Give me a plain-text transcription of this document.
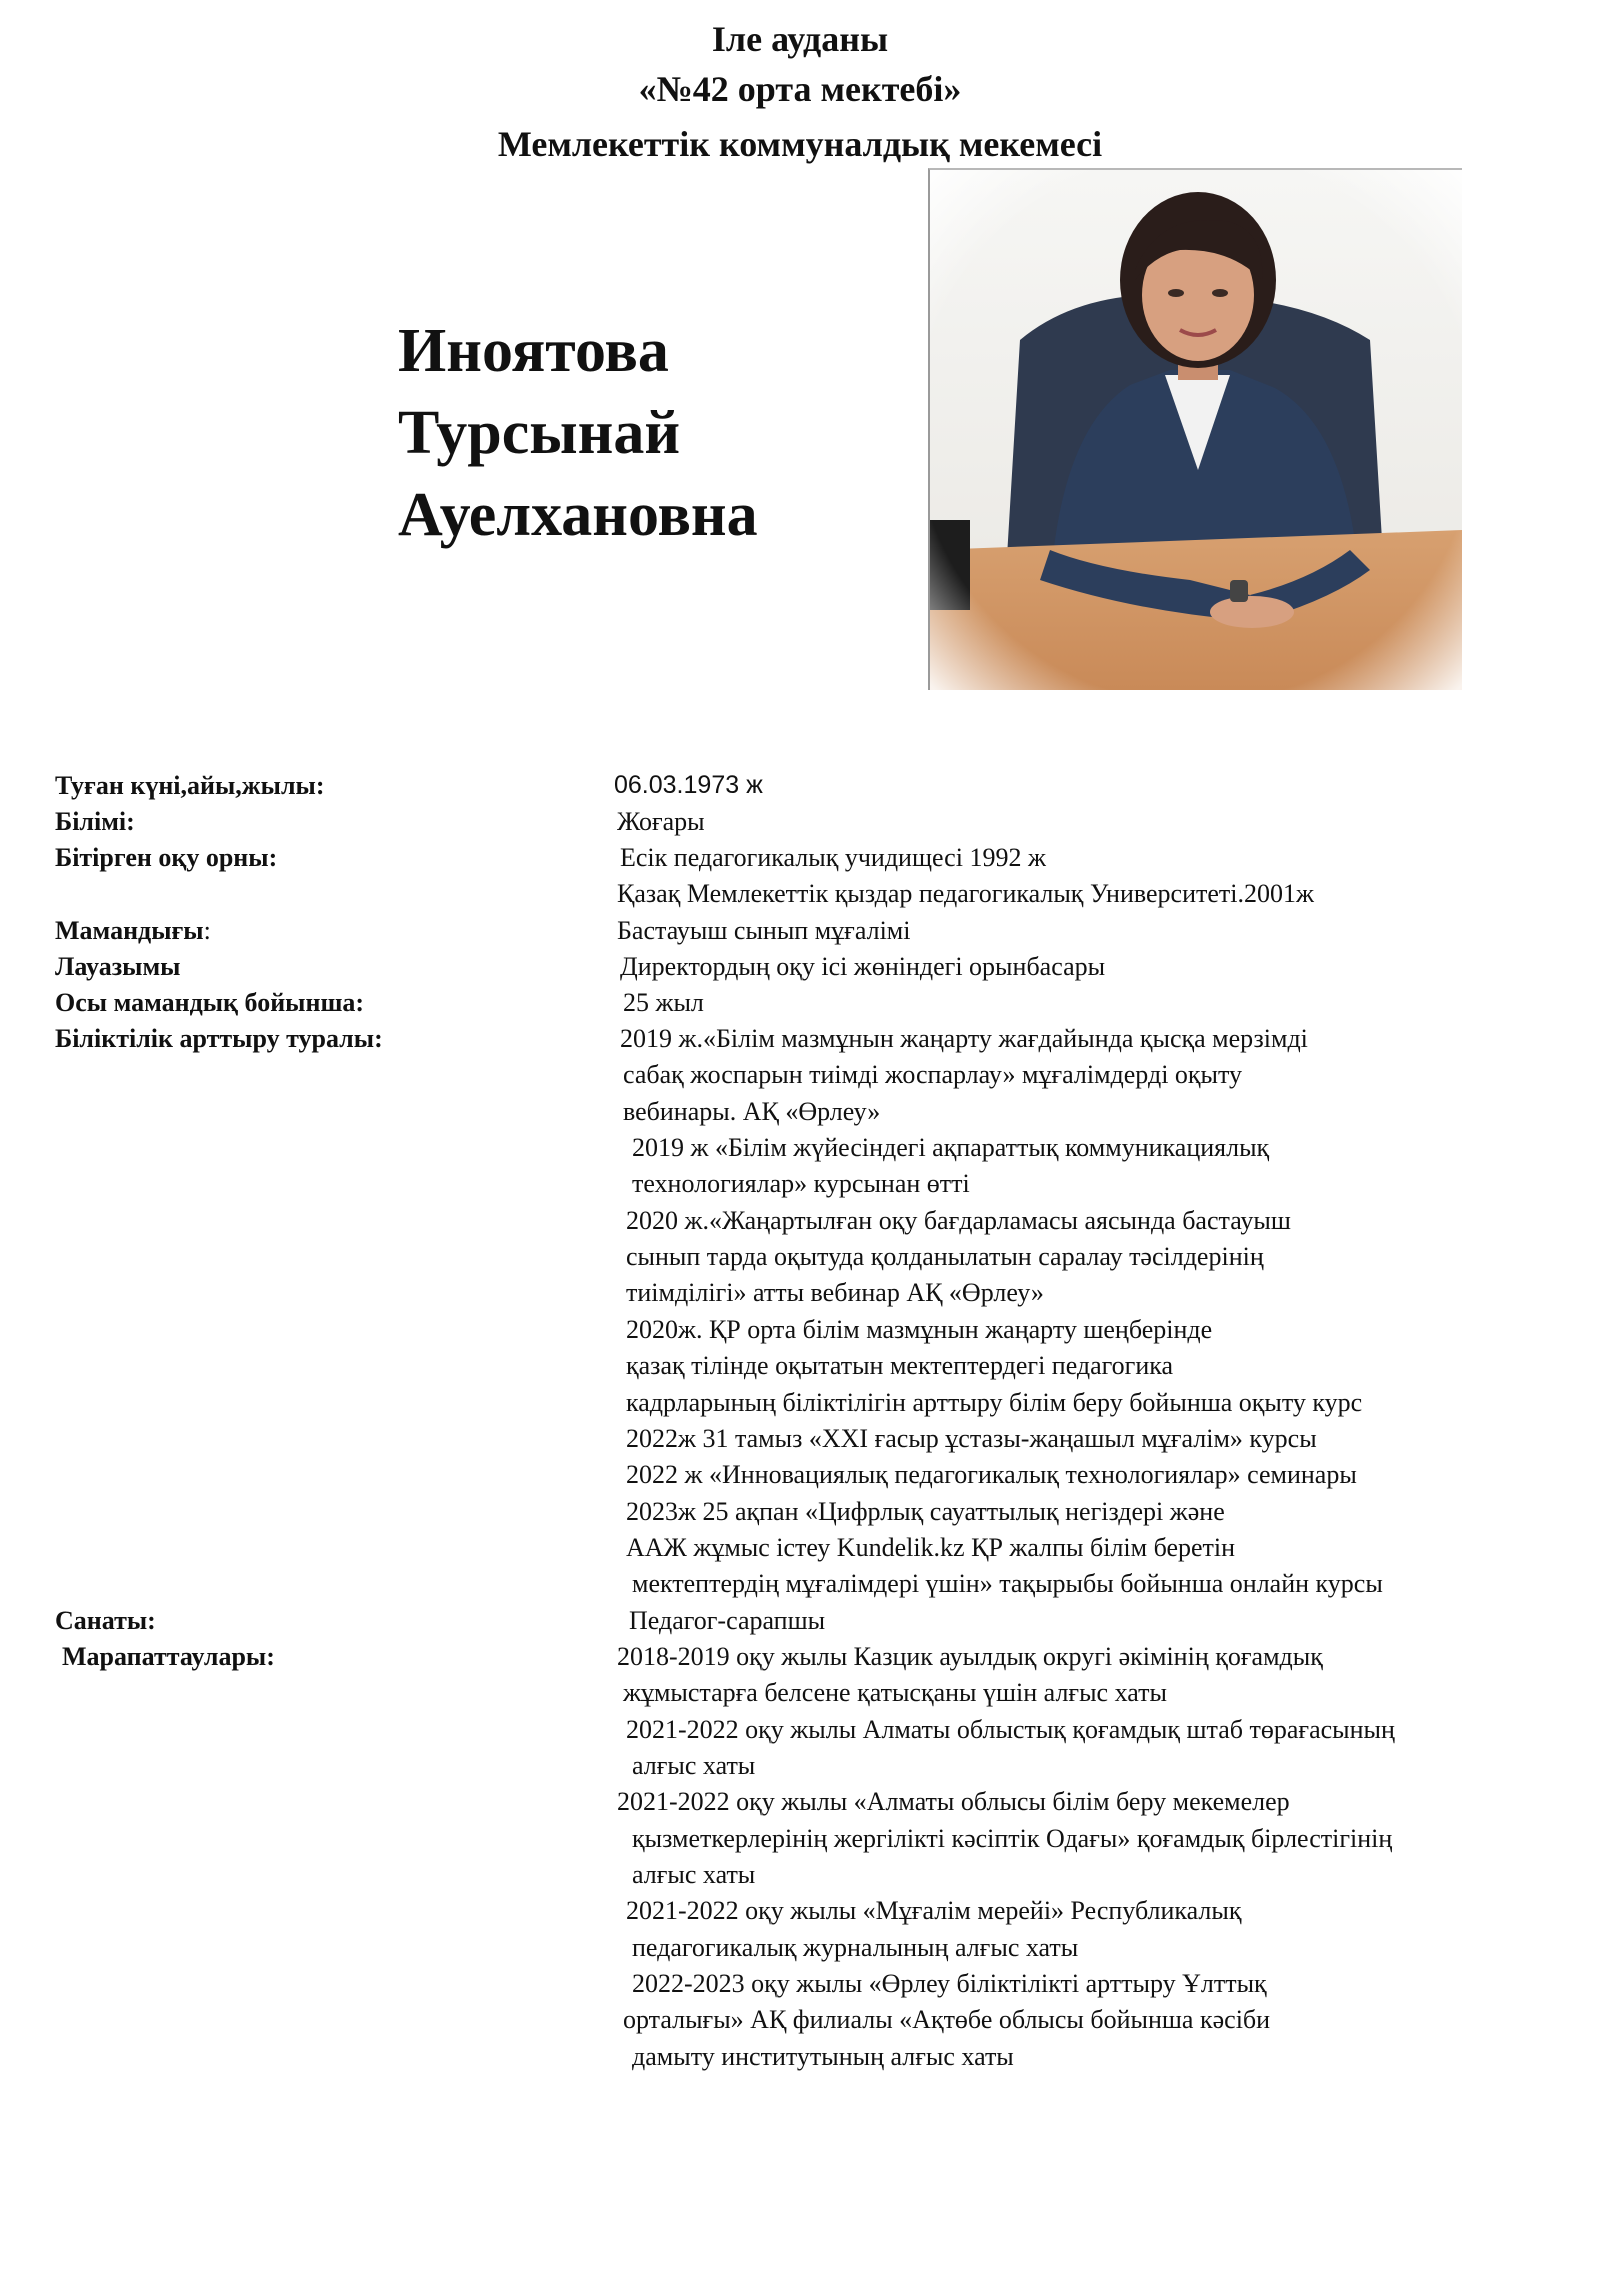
Іле ауданы
«№42 орта мектебі»
Мемлекеттік коммуналдық мекемесі
Иноятова
Турсынай
Ауелхановна
Туған күні,айы,жылы:	06.03.1973 ж
Білімі:	Жоғары
Бітірген оқу орны:	Есік педагогикалық учидищесі 1992 ж
Қазақ Мемлекеттік қыздар педагогикалық Университеті.2001ж
Мамандығы:	Бастауыш сынып мұғалімі
Лауазымы	Директордың оқу ісі жөніндегі орынбасары
Осы мамандық бойынша:	25 жыл
Біліктілік арттыру туралы:	2019 ж.«Білім мазмұнын жаңарту жағдайында қысқа мерзімді
сабақ жоспарын тиімді жоспарлау» мұғалімдерді оқыту
вебинары. АҚ «Өрлеу»
2019 ж «Білім жүйесіндегі ақпараттық коммуникациялық
технологиялар» курсынан өтті
2020 ж.«Жаңартылған оқу бағдарламасы аясында бастауыш
сынып тарда оқытуда қолданылатын саралау тәсілдерінің
тиімділігі» атты вебинар АҚ «Өрлеу»
2020ж. ҚР орта білім мазмұнын жаңарту шеңберінде
қазақ тілінде оқытатын мектептердегі педагогика
кадрларының біліктілігін арттыру білім беру бойынша оқыту курс
2022ж 31 тамыз «XXI ғасыр ұстазы-жаңашыл мұғалім» курсы
2022 ж «Инновациялық педагогикалық технологиялар» семинары
2023ж 25 ақпан «Цифрлық сауаттылық негіздері және
ААЖ жұмыс істеу Kundelik.kz ҚР жалпы білім беретін
мектептердің мұғалімдері үшін» тақырыбы бойынша онлайн курсы
Санаты:	Педагог-сарапшы
Марапаттаулары:	2018-2019 оқу жылы Казцик ауылдық округі әкімінің қоғамдық
жұмыстарға белсене қатысқаны үшін алғыс хаты
2021-2022 оқу жылы Алматы облыстық қоғамдық штаб төрағасының
алғыс хаты
2021-2022 оқу жылы «Алматы облысы білім беру мекемелер
қызметкерлерінің жергілікті кәсіптік Одағы» қоғамдық бірлестігінің
алғыс хаты
2021-2022 оқу жылы «Мұғалім мерейі» Республикалық
педагогикалық журналының алғыс хаты
2022-2023 оқу жылы «Өрлеу біліктілікті арттыру Ұлттық
орталығы» АҚ филиалы «Ақтөбе облысы бойынша кәсіби
дамыту институтының алғыс хаты
